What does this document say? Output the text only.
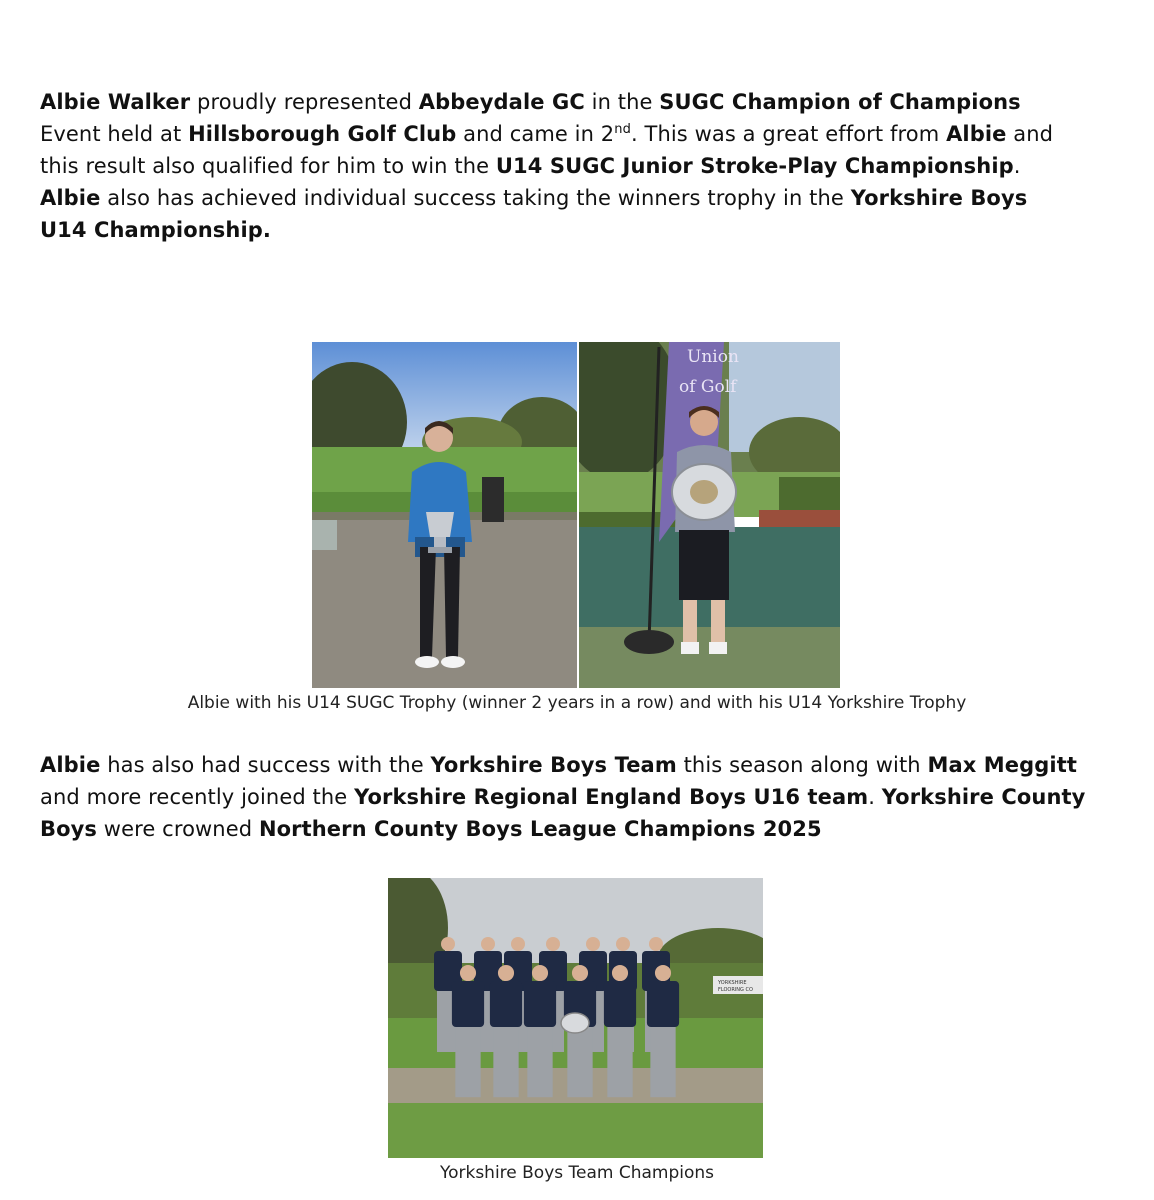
Albie Walker proudly represented Abbeydale GC in the SUGC Champion of Champions
Event held at Hillsborough Golf Club and came in 2nd. This was a great effort from Albie and
this result also qualified for him to win the U14 SUGC Junior Stroke-Play Championship.
Albie also has achieved individual success taking the winners trophy in the Yorkshire Boys
U14 Championship.

Union
of Golf

Albie with his U14 SUGC Trophy (winner 2 years in a row) and with his U14 Yorkshire Trophy

Albie has also had success with the Yorkshire Boys Team this season along with Max Meggitt
and more recently joined the Yorkshire Regional England Boys U16 team. Yorkshire County
Boys were crowned Northern County Boys League Champions 2025

YORKSHIRE
FLOORING CO

Yorkshire Boys Team Champions
